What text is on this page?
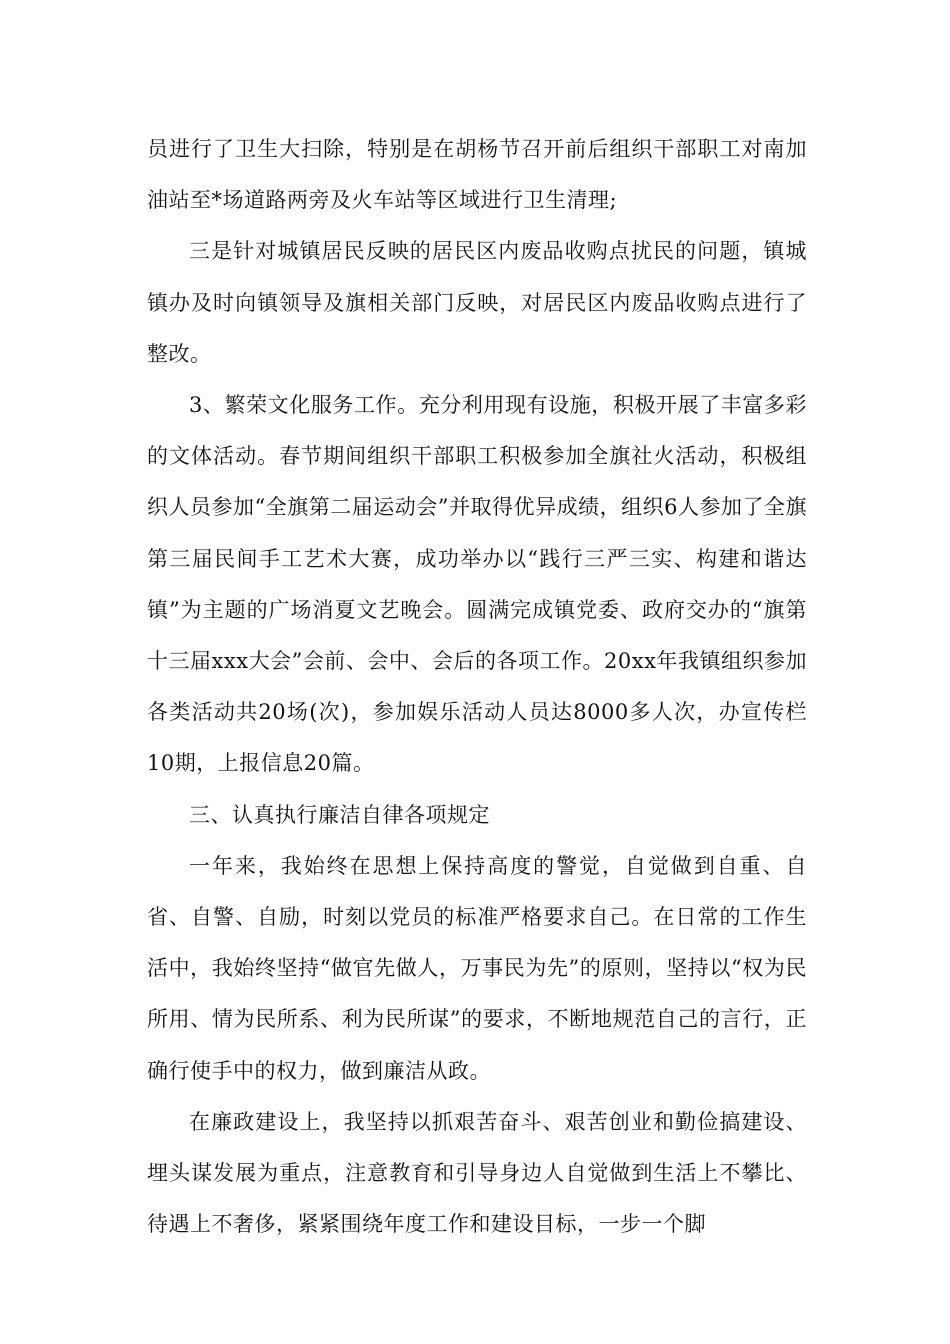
员进行了卫生大扫除，特别是在胡杨节召开前后组织干部职工对南加油站至*场道路两旁及火车站等区域进行卫生清理;

三是针对城镇居民反映的居民区内废品收购点扰民的问题，镇城镇办及时向镇领导及旗相关部门反映，对居民区内废品收购点进行了整改。

3、繁荣文化服务工作。充分利用现有设施，积极开展了丰富多彩的文体活动。春节期间组织干部职工积极参加全旗社火活动，积极组织人员参加“全旗第二届运动会”并取得优异成绩，组织6人参加了全旗第三届民间手工艺术大赛，成功举办以“践行三严三实、构建和谐达镇”为主题的广场消夏文艺晚会。圆满完成镇党委、政府交办的“旗第十三届xxx大会”会前、会中、会后的各项工作。20xx年我镇组织参加各类活动共20场(次)，参加娱乐活动人员达8000多人次，办宣传栏10期，上报信息20篇。

三、认真执行廉洁自律各项规定

一年来，我始终在思想上保持高度的警觉，自觉做到自重、自省、自警、自励，时刻以党员的标准严格要求自己。在日常的工作生活中，我始终坚持“做官先做人，万事民为先”的原则，坚持以“权为民所用、情为民所系、利为民所谋”的要求，不断地规范自己的言行，正确行使手中的权力，做到廉洁从政。

在廉政建设上，我坚持以抓艰苦奋斗、艰苦创业和勤俭搞建设、埋头谋发展为重点，注意教育和引导身边人自觉做到生活上不攀比、待遇上不奢侈，紧紧围绕年度工作和建设目标，一步一个脚
